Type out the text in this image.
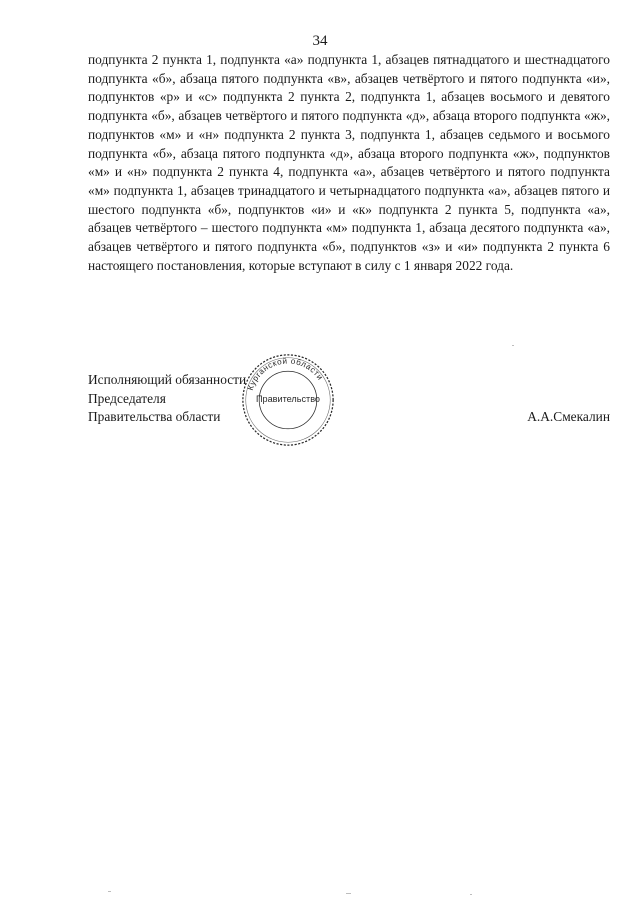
34

подпункта 2 пункта 1, подпункта «а» подпункта 1, абзацев пятнадцатого и шестнадцатого подпункта «б», абзаца пятого подпункта «в», абзацев четвёртого и пятого подпункта «и», подпунктов «р» и «с» подпункта 2 пункта 2, подпункта 1, абзацев восьмого и девятого подпункта «б», абзацев четвёртого и пятого подпункта «д», абзаца второго подпункта «ж», подпунктов «м» и «н» подпункта 2 пункта 3, подпункта 1, абзацев седьмого и восьмого подпункта «б», абзаца пятого подпункта «д», абзаца второго подпункта «ж», подпунктов «м» и «н» подпункта 2 пункта 4, подпункта «а», абзацев четвёртого и пятого подпункта «м» подпункта 1, абзацев тринадцатого и четырнадцатого подпункта «а», абзацев пятого и шестого подпункта «б», подпунктов «и» и «к» подпункта 2 пункта 5, подпункта «а», абзацев четвёртого – шестого подпункта «м» подпункта 1, абзаца десятого подпункта «а», абзацев четвёртого и пятого подпункта «б», подпунктов «з» и «и» подпункта 2 пункта 6 настоящего постановления, которые вступают в силу с 1 января 2022 года.

Исполняющий обязанности
Председателя
Правительства области	А.А.Смекалин
Курганской области
Правительство
